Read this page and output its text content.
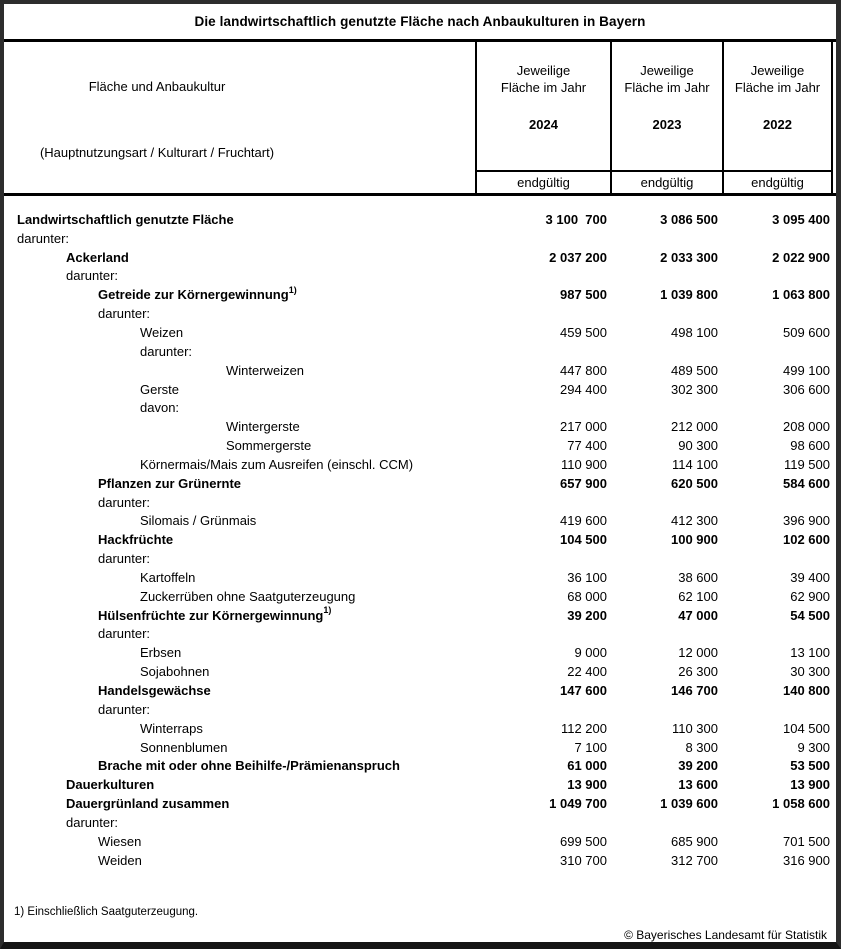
Die landwirtschaftlich genutzte Fläche nach Anbaukulturen in Bayern
Fläche und Anbaukultur
(Hauptnutzungsart / Kulturart / Fruchtart)
Jeweilige
Fläche im Jahr
2024
endgültig
Jeweilige
Fläche im Jahr
2023
endgültig
Jeweilige
Fläche im Jahr
2022
endgültig
Landwirtschaftlich genutzte Fläche	3 100  700	3 086 500	3 095 400
darunter:
Ackerland	2 037 200	2 033 300	2 022 900
darunter:
Getreide zur Körnergewinnung$^{1)}$	987 500	1 039 800	1 063 800
darunter:
Weizen	459 500	498 100	509 600
darunter:
Winterweizen	447 800	489 500	499 100
Gerste	294 400	302 300	306 600
davon:
Wintergerste	217 000	212 000	208 000
Sommergerste	77 400	90 300	98 600
Körnermais/Mais zum Ausreifen (einschl. CCM)	110 900	114 100	119 500
Pflanzen zur Grünernte	657 900	620 500	584 600
darunter:
Silomais / Grünmais	419 600	412 300	396 900
Hackfrüchte	104 500	100 900	102 600
darunter:
Kartoffeln	36 100	38 600	39 400
Zuckerrüben ohne Saatguterzeugung	68 000	62 100	62 900
Hülsenfrüchte zur Körnergewinnung$^{1)}$	39 200	47 000	54 500
darunter:
Erbsen	9 000	12 000	13 100
Sojabohnen	22 400	26 300	30 300
Handelsgewächse	147 600	146 700	140 800
darunter:
Winterraps	112 200	110 300	104 500
Sonnenblumen	7 100	8 300	9 300
Brache mit oder ohne Beihilfe-/Prämienanspruch	61 000	39 200	53 500
Dauerkulturen	13 900	13 600	13 900
Dauergrünland zusammen	1 049 700	1 039 600	1 058 600
darunter:
Wiesen	699 500	685 900	701 500
Weiden	310 700	312 700	316 900
1) Einschließlich Saatguterzeugung.
© Bayerisches Landesamt für Statistik
